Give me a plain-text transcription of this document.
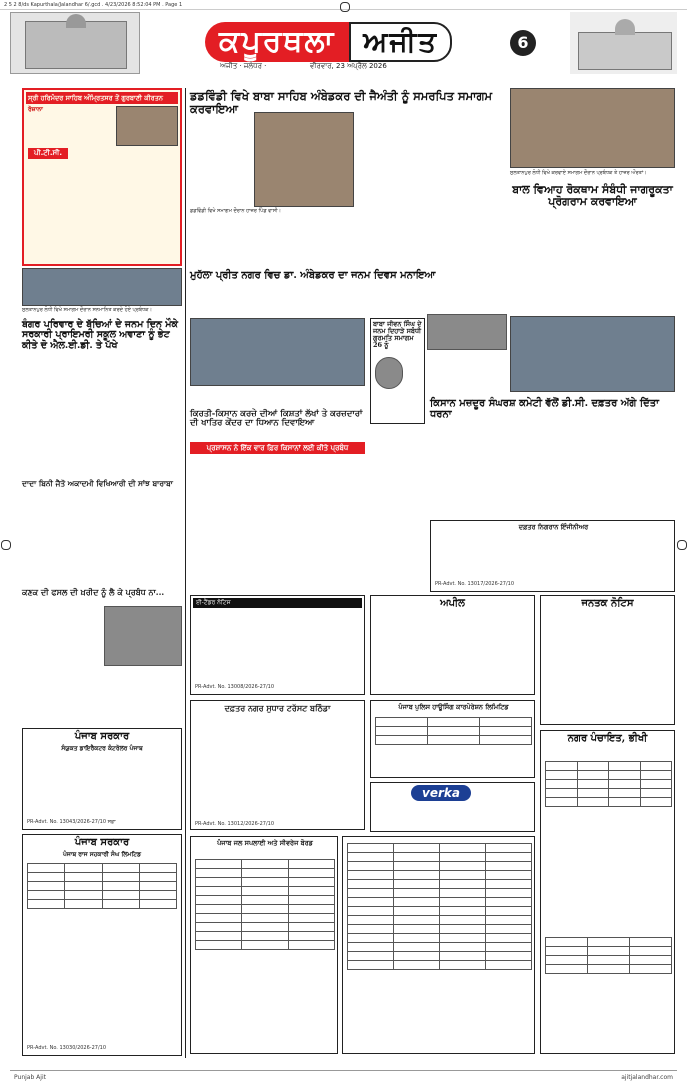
2 5 2 8/ds Kapurthala/Jalandhar 6/.gcd . 4/23/2026 8:52:04 PM . Page 1
ਕਪੂਰਥਲਾ	ਅਜੀਤ
ਅਜੀਤ · ਜਲੰਧਰ ·	ਵੀਰਵਾਰ, 23 ਅਪ੍ਰੈਲ 2026
6
ਸ੍ਰੀ ਹਰਿਮੰਦਰ ਸਾਹਿਬ ਅੰਮ੍ਰਿਤਸਰ ਤੋਂ ਗੁਰਬਾਣੀ ਕੀਰਤਨ
ਰੋਜ਼ਾਨਾ
ਪੀ.ਟੀ.ਸੀ.
ਸੁਲਤਾਨਪੁਰ ਲੋਧੀ ਵਿਖੇ ਸਮਾਗਮ ਦੌਰਾਨ ਸਨਮਾਨਿਤ ਕਰਦੇ ਹੋਏ ਪ੍ਰਬੰਧਕ।
ਬੰਗਰ ਪਰਿਵਾਰ ਦੇ ਬੱਚਿਆਂ ਦੇ ਜਨਮ ਦਿਨ ਮੌਕੇ ਸਰਕਾਰੀ ਪ੍ਰਾਇਮਰੀ ਸਕੂਲ ਅਵਾਣਾ ਨੂੰ ਭੇਟ ਕੀਤੇ ਦੋ ਐਲ.ਈ.ਡੀ. ਤੇ ਪੱਖੇ
ਦਾਦਾ ਬਿਨੀ ਜੈਤੋ ਅਕਾਦਮੀ ਵਿਖਿਆਰੀ ਦੀ ਸਾਂਝ ਬਾਰਾਬਾ
ਕਣਕ ਦੀ ਫਸਲ ਦੀ ਖ਼ਰੀਦ ਨੂੰ ਲੈ ਕੇ ਪ੍ਰਬੰਧ ਨਾ...
ਪੰਜਾਬ ਸਰਕਾਰ
ਸੰਯੁਕਤ ਡਾਇਰੈਕਟਰ ਕੰਟਰੋਲਰ ਪੰਜਾਬ
PR-Advt. No. 13043/2026-27/10 ਸਫ਼ਾ
ਪੰਜਾਬ ਸਰਕਾਰ
ਪੰਜਾਬ ਰਾਜ ਸਹਕਾਰੀ ਸੰਘ ਲਿਮਟਿਡ

PR-Advt. No. 13030/2026-27/10
ਡਡਵਿੰਡੀ ਵਿਖੇ ਬਾਬਾ ਸਾਹਿਬ ਅੰਬੇਡਕਰ ਦੀ ਜੈਅੰਤੀ ਨੂੰ ਸਮਰਪਿਤ ਸਮਾਗਮ ਕਰਵਾਇਆ
ਡਡਵਿੰਡੀ ਵਿਖੇ ਸਮਾਗਮ ਦੌਰਾਨ ਹਾਜ਼ਰ ਪਿੰਡ ਵਾਸੀ।
ਮੁਹੱਲਾ ਪ੍ਰੀਤ ਨਗਰ ਵਿਚ ਡਾ. ਅੰਬੇਡਕਰ ਦਾ ਜਨਮ ਦਿਵਸ ਮਨਾਇਆ
ਕਿਰਤੀ-ਕਿਸਾਨ ਕਰਜ਼ੇ ਦੀਆਂ ਕਿਸ਼ਤਾਂ ਲੱਖਾਂ ਤੇ ਕਰਜ਼ਦਾਰਾਂ ਦੀ ਖਾਤਿਰ ਕੇਂਦਰ ਦਾ ਧਿਆਨ ਦਿਵਾਇਆ
ਪ੍ਰਸ਼ਾਸਨ ਨੇ ਇੱਕ ਵਾਰ ਫ਼ਿਰ ਕਿਸਾਨਾਂ ਲਈ ਕੀਤੇ ਪ੍ਰਬੰਧ
ਬਾਬਾ ਜੀਵਨ ਸਿੰਘ ਦੇ ਜਨਮ ਦਿਹਾੜੇ ਸਬੰਧੀ ਗੁਰਮਤਿ ਸਮਾਗਮ 26 ਨੂੰ
ਕਿਸਾਨ ਮਜ਼ਦੂਰ ਸੰਘਰਸ਼ ਕਮੇਟੀ ਵੱਲੋਂ ਡੀ.ਸੀ. ਦਫ਼ਤਰ ਅੱਗੇ ਦਿੱਤਾ ਧਰਨਾ
ਈ-ਟੈਂਡਰ ਨੋਟਿਸ
PR-Advt. No. 13008/2026-27/10
ਅਪੀਲ
ਦਫ਼ਤਰ ਨਗਰ ਸੁਧਾਰ ਟਰੱਸਟ ਬਠਿੰਡਾ
PR-Advt. No. 13012/2026-27/10
ਪੰਜਾਬ ਪੁਲਿਸ ਹਾਊਸਿੰਗ ਕਾਰਪੋਰੇਸ਼ਨ ਲਿਮਿਟਿਡ

verka
ਪੰਜਾਬ ਜਲ ਸਪਲਾਈ ਅਤੇ ਸੀਵਰੇਜ ਬੋਰਡ

ਸੁਲਤਾਨਪੁਰ ਲੋਧੀ ਵਿਖੇ ਕਰਵਾਏ ਸਮਾਗਮ ਦੌਰਾਨ ਪ੍ਰਬੰਧਕ ਤੇ ਹਾਜ਼ਰ ਔਰਤਾਂ।
ਬਾਲ ਵਿਆਹ ਰੋਕਥਾਮ ਸੰਬੰਧੀ ਜਾਗਰੂਕਤਾ ਪ੍ਰੋਗਰਾਮ ਕਰਵਾਇਆ
ਦਫ਼ਤਰ ਨਿਗਰਾਨ ਇੰਜੀਨੀਅਰ
PR-Advt. No. 13017/2026-27/10
ਜਨਤਕ ਨੋਟਿਸ
ਨਗਰ ਪੰਚਾਇਤ, ਭੀਖੀ

Punjab Ajit	ajitjalandhar.com
